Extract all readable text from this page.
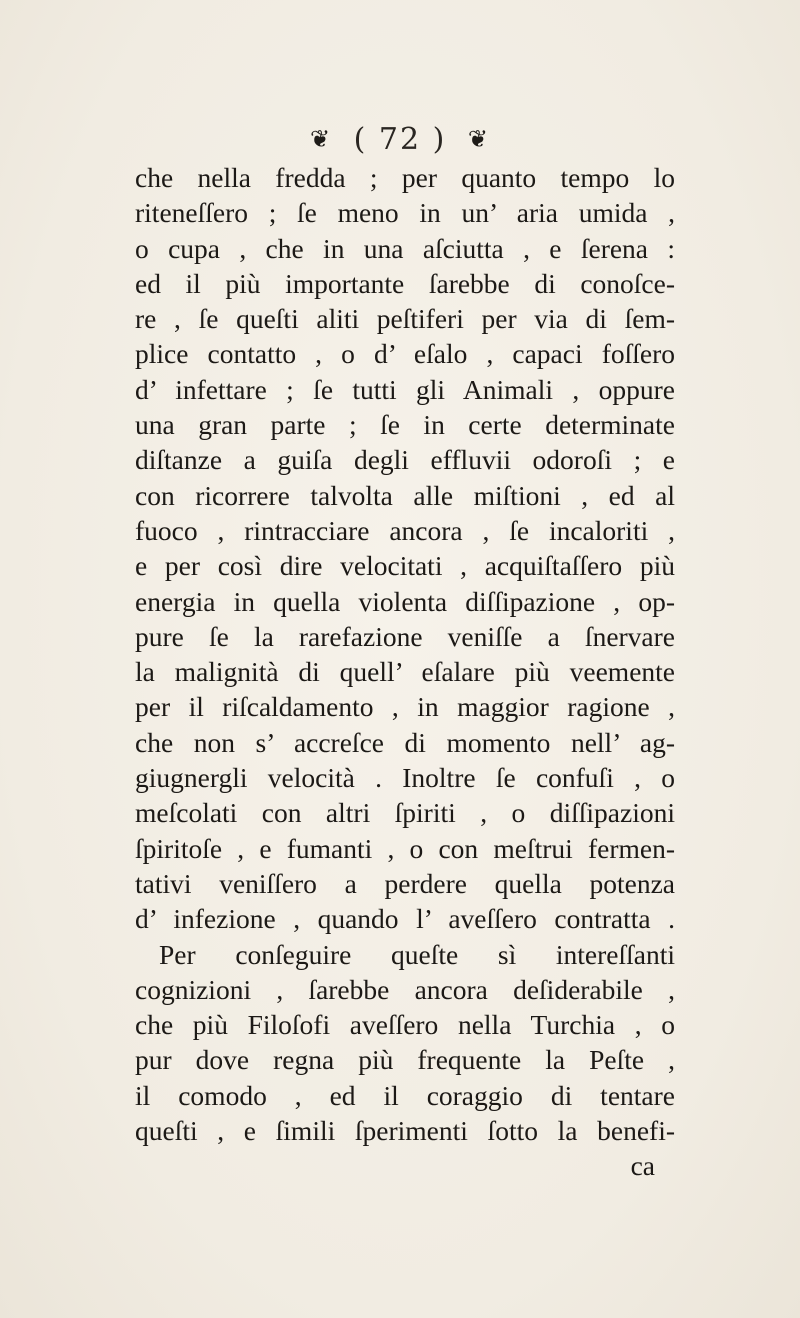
❦ ( 72 ) ❦
che nella fredda ; per quanto tempo lo
riteneſſero ; ſe meno in un’ aria umida ,
o cupa , che in una aſciutta , e ſerena :
ed il più importante ſarebbe di conoſce-
re , ſe queſti aliti peſtiferi per via di ſem-
plice contatto , o d’ eſalo , capaci foſſero
d’ infettare ; ſe tutti gli Animali , oppure
una gran parte ; ſe in certe determinate
diſtanze a guiſa degli effluvii odoroſi ; e
con ricorrere talvolta alle miſtioni , ed al
fuoco , rintracciare ancora , ſe incaloriti ,
e per così dire velocitati , acquiſtaſſero più
energia in quella violenta diſſipazione , op-
pure ſe la rarefazione veniſſe a ſnervare
la malignità di quell’ eſalare più veemente
per il riſcaldamento , in maggior ragione ,
che non s’ accreſce di momento nell’ ag-
giugnergli velocità . Inoltre ſe confuſi , o
meſcolati con altri ſpiriti , o diſſipazioni
ſpiritoſe , e fumanti , o con meſtrui fermen-
tativi veniſſero a perdere quella potenza
d’ infezione , quando l’ aveſſero contratta .
Per conſeguire queſte sì intereſſanti
cognizioni , ſarebbe ancora deſiderabile ,
che più Filoſofi aveſſero nella Turchia , o
pur dove regna più frequente la Peſte ,
il comodo , ed il coraggio di tentare
queſti , e ſimili ſperimenti ſotto la benefi-
ca
